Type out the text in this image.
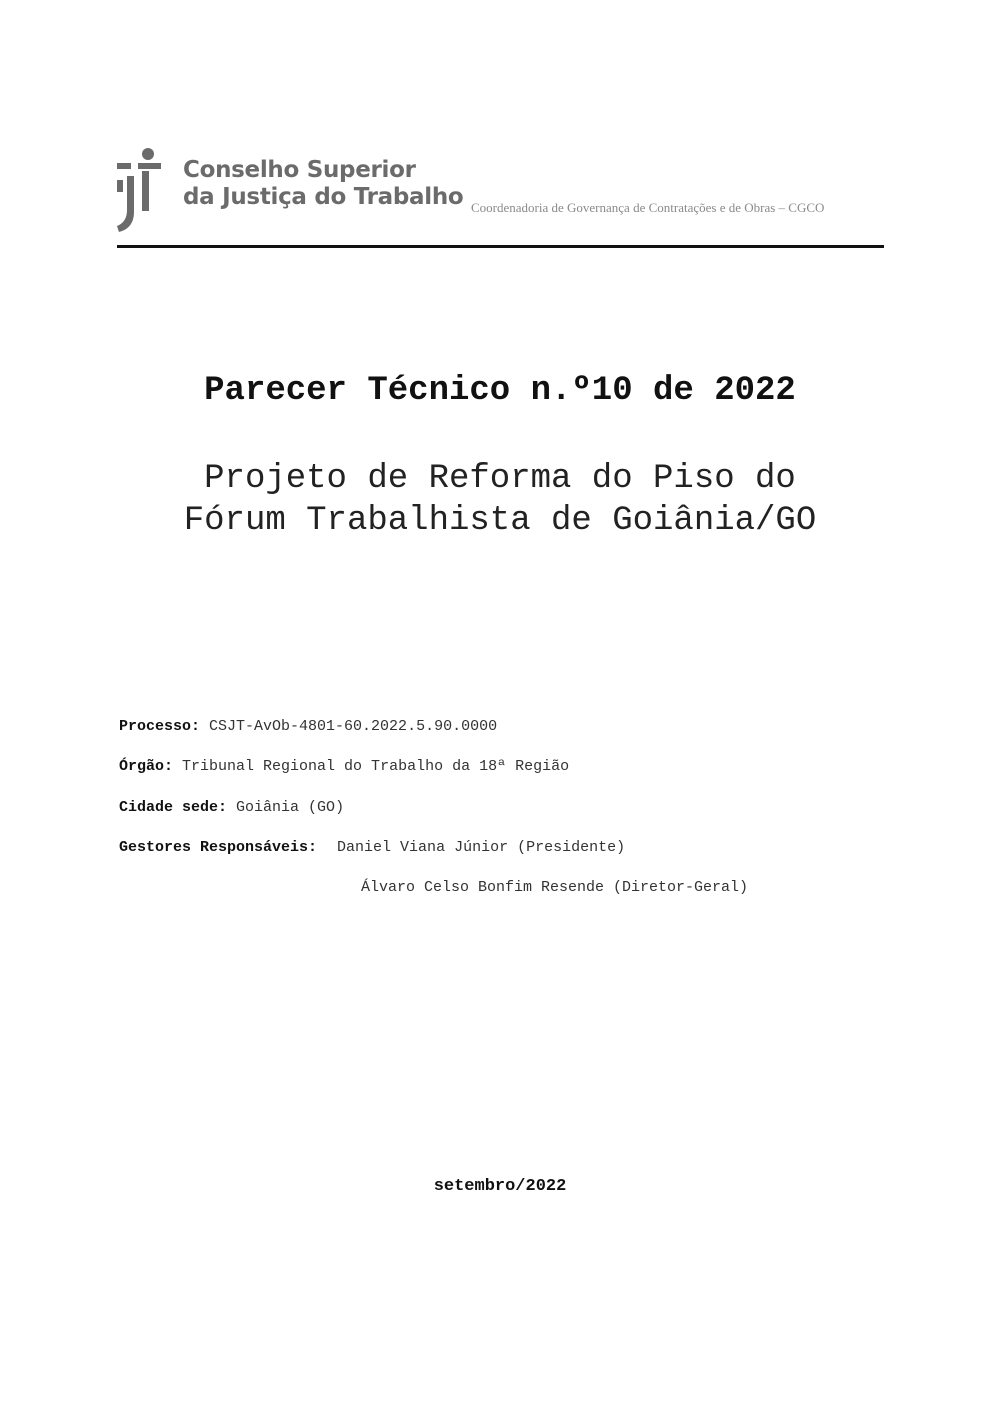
Conselho Superior
da Justiça do Trabalho Coordenadoria de Governança de Contratações e de Obras – CGCO
Parecer Técnico n.º10 de 2022
Projeto de Reforma do Piso do
Fórum Trabalhista de Goiânia/GO
Processo: CSJT-AvOb-4801-60.2022.5.90.0000
Órgão: Tribunal Regional do Trabalho da 18ª Região
Cidade sede: Goiânia (GO)
Gestores Responsáveis: Daniel Viana Júnior (Presidente)
Álvaro Celso Bonfim Resende (Diretor-Geral)
setembro/2022
